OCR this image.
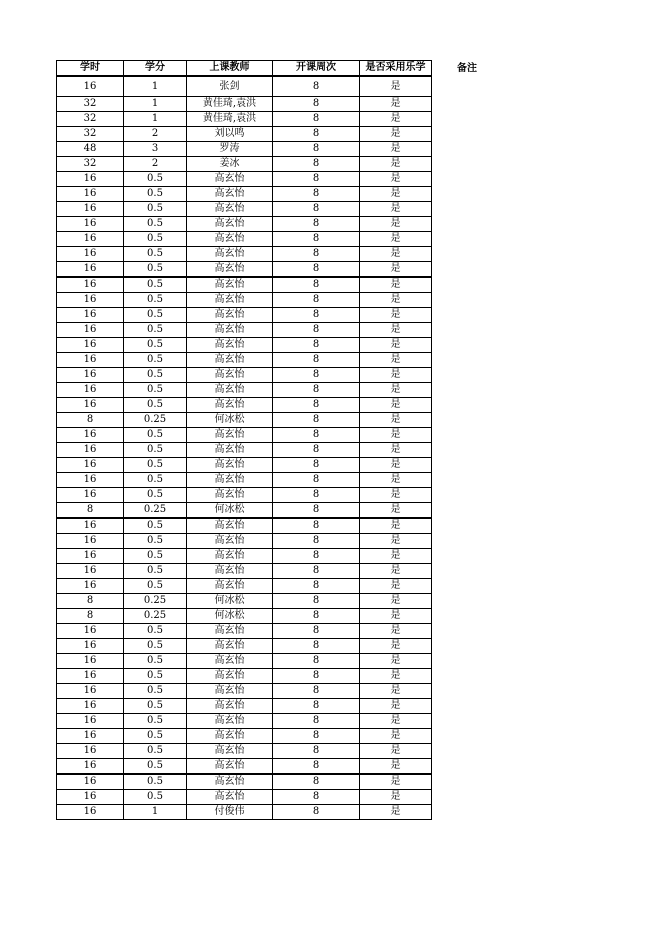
学时	学分	上课教师	开课周次	是否采用乐学
16	1	张剑	8	是
32	1	黄佳琦,袁洪	8	是
32	1	黄佳琦,袁洪	8	是
32	2	刘以鸣	8	是
48	3	罗涛	8	是
32	2	姜冰	8	是
16	0.5	高玄怡	8	是
16	0.5	高玄怡	8	是
16	0.5	高玄怡	8	是
16	0.5	高玄怡	8	是
16	0.5	高玄怡	8	是
16	0.5	高玄怡	8	是
16	0.5	高玄怡	8	是
16	0.5	高玄怡	8	是
16	0.5	高玄怡	8	是
16	0.5	高玄怡	8	是
16	0.5	高玄怡	8	是
16	0.5	高玄怡	8	是
16	0.5	高玄怡	8	是
16	0.5	高玄怡	8	是
16	0.5	高玄怡	8	是
16	0.5	高玄怡	8	是
8	0.25	何冰松	8	是
16	0.5	高玄怡	8	是
16	0.5	高玄怡	8	是
16	0.5	高玄怡	8	是
16	0.5	高玄怡	8	是
16	0.5	高玄怡	8	是
8	0.25	何冰松	8	是
16	0.5	高玄怡	8	是
16	0.5	高玄怡	8	是
16	0.5	高玄怡	8	是
16	0.5	高玄怡	8	是
16	0.5	高玄怡	8	是
8	0.25	何冰松	8	是
8	0.25	何冰松	8	是
16	0.5	高玄怡	8	是
16	0.5	高玄怡	8	是
16	0.5	高玄怡	8	是
16	0.5	高玄怡	8	是
16	0.5	高玄怡	8	是
16	0.5	高玄怡	8	是
16	0.5	高玄怡	8	是
16	0.5	高玄怡	8	是
16	0.5	高玄怡	8	是
16	0.5	高玄怡	8	是
16	0.5	高玄怡	8	是
16	0.5	高玄怡	8	是
16	1	付俊伟	8	是
备注
